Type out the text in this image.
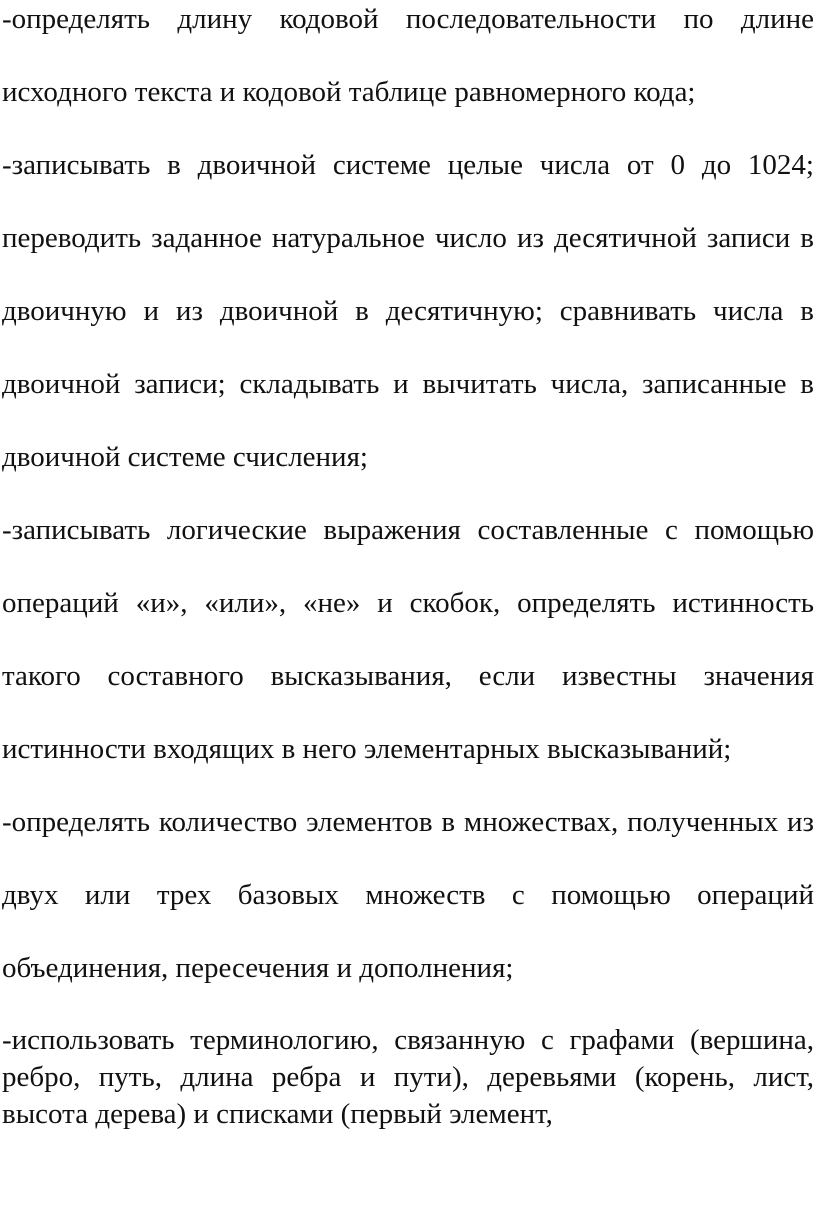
-определять длину кодовой последовательности по длине исходного текста и кодовой таблице равномерного кода;

-записывать в двоичной системе целые числа от 0 до 1024; переводить заданное натуральное число из десятичной записи в двоичную и из двоичной в десятичную; сравнивать числа в двоичной записи; складывать и вычитать числа, записанные в двоичной системе счисления;

-записывать логические выражения составленные с помощью операций «и», «или», «не» и скобок, определять истинность такого составного высказывания, если известны значения истинности входящих в него элементарных высказываний;

-определять количество элементов в множествах, полученных из двух или трех базовых множеств с помощью операций объединения, пересечения и дополнения;

-использовать терминологию, связанную с графами (вершина, ребро, путь, длина ребра и пути), деревьями (корень, лист, высота дерева) и списками (первый элемент,
